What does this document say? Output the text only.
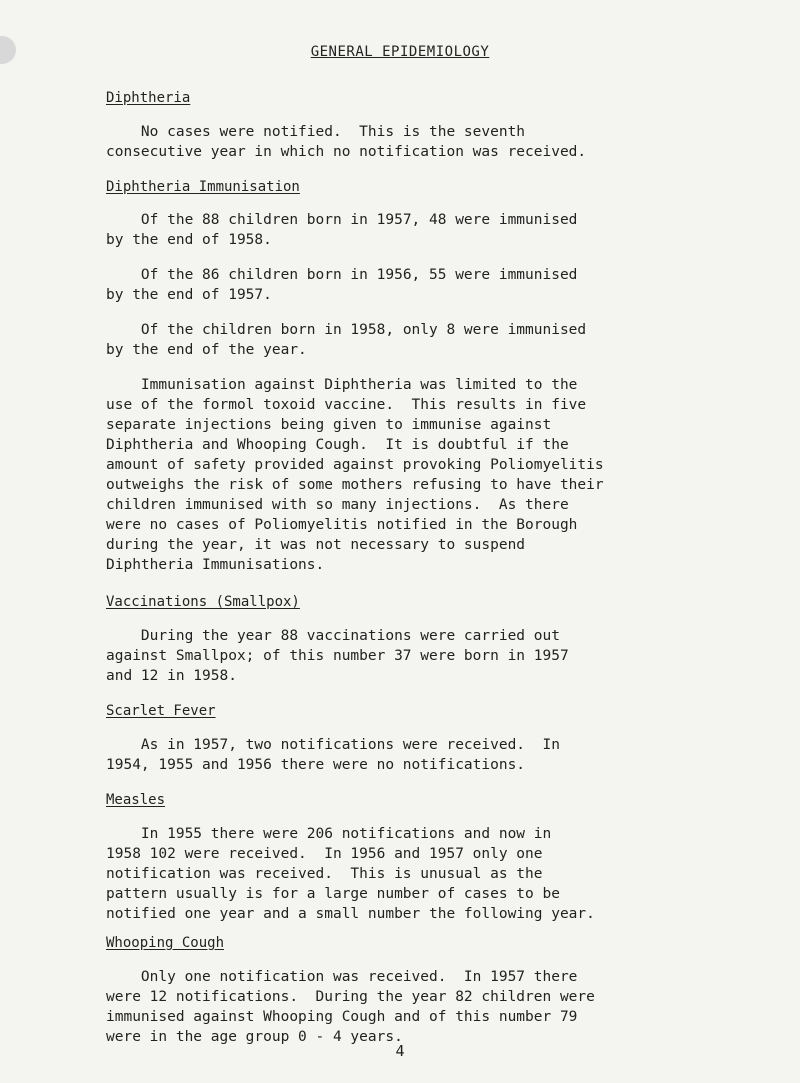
GENERAL EPIDEMIOLOGY
Diphtheria

No cases were notified.  This is the seventh
consecutive year in which no notification was received.

Diphtheria Immunisation

Of the 88 children born in 1957, 48 were immunised
by the end of 1958.

Of the 86 children born in 1956, 55 were immunised
by the end of 1957.

Of the children born in 1958, only 8 were immunised
by the end of the year.

Immunisation against Diphtheria was limited to the
use of the formol toxoid vaccine.  This results in five
separate injections being given to immunise against
Diphtheria and Whooping Cough.  It is doubtful if the
amount of safety provided against provoking Poliomyelitis
outweighs the risk of some mothers refusing to have their
children immunised with so many injections.  As there
were no cases of Poliomyelitis notified in the Borough
during the year, it was not necessary to suspend
Diphtheria Immunisations.

Vaccinations (Smallpox)

During the year 88 vaccinations were carried out
against Smallpox; of this number 37 were born in 1957
and 12 in 1958.

Scarlet Fever

As in 1957, two notifications were received.  In
1954, 1955 and 1956 there were no notifications.

Measles

In 1955 there were 206 notifications and now in
1958 102 were received.  In 1956 and 1957 only one
notification was received.  This is unusual as the
pattern usually is for a large number of cases to be
notified one year and a small number the following year.

Whooping Cough

Only one notification was received.  In 1957 there
were 12 notifications.  During the year 82 children were
immunised against Whooping Cough and of this number 79
were in the age group 0 - 4 years.

4
